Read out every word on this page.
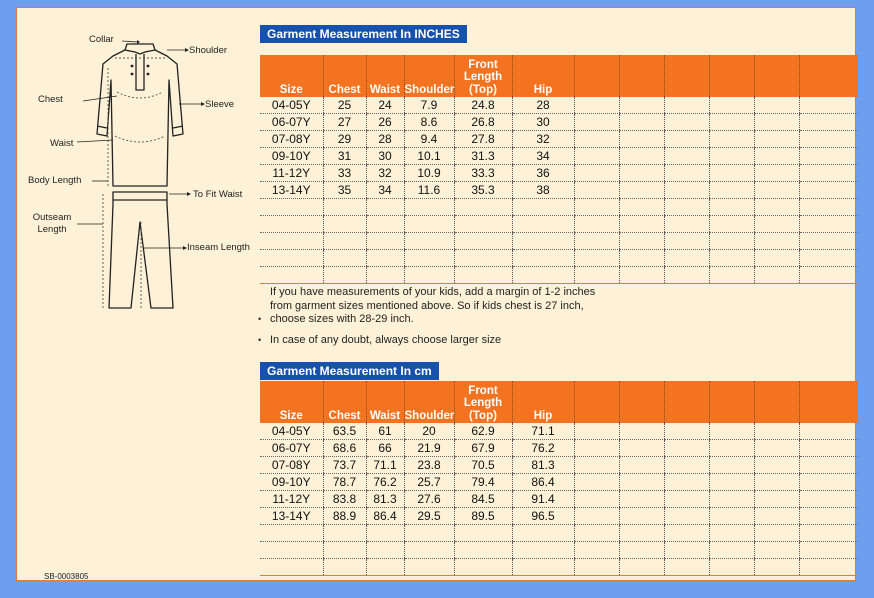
Collar
Shoulder
Chest	Sleeve
Waist
Body Length
To Fit Waist
Outseam Length
Inseam Length
Garment Measurement In INCHES
Size	Chest	Waist	Shoulder	Front Length (Top)	Hip						
04-05Y	25	24	7.9	24.8	28						
06-07Y	27	26	8.6	26.8	30						
07-08Y	29	28	9.4	27.8	32						
09-10Y	31	30	10.1	31.3	34						
11-12Y	33	32	10.9	33.3	36						
13-14Y	35	34	11.6	35.3	38						

•
If you have measurements of your kids, add a margin of 1-2 inches from garment sizes mentioned above. So if kids chest is 27 inch, choose sizes with 28-29 inch.
• In case of any doubt, always choose larger size
Garment Measurement In cm
Size	Chest	Waist	Shoulder	Front Length (Top)	Hip						
04-05Y	63.5	61	20	62.9	71.1						
06-07Y	68.6	66	21.9	67.9	76.2						
07-08Y	73.7	71.1	23.8	70.5	81.3						
09-10Y	78.7	76.2	25.7	79.4	86.4						
11-12Y	83.8	81.3	27.6	84.5	91.4						
13-14Y	88.9	86.4	29.5	89.5	96.5						

SB-0003805
